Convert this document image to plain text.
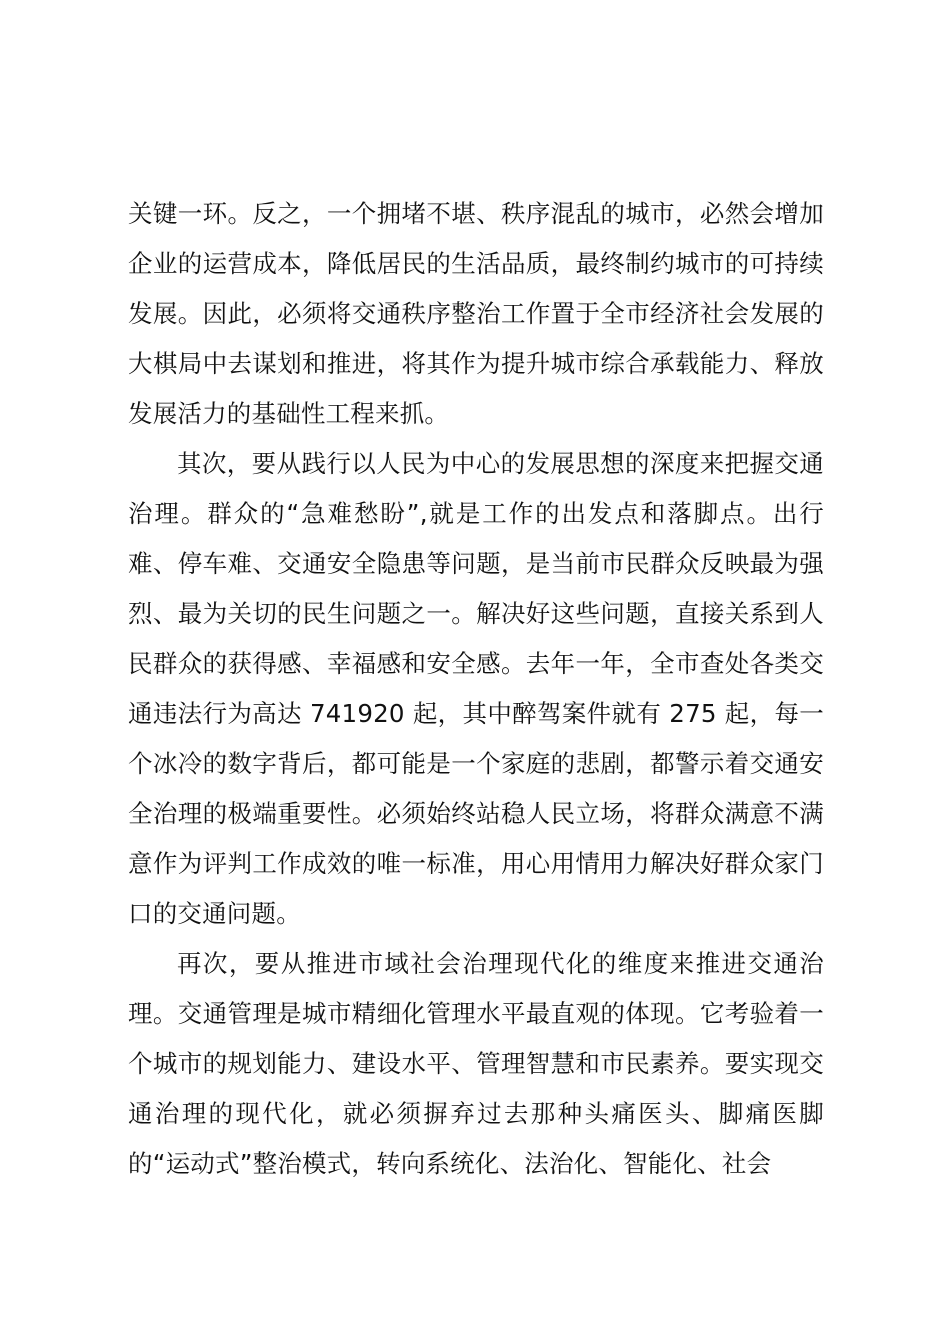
关键一环。反之，一个拥堵不堪、秩序混乱的城市，必然会增加企业的运营成本，降低居民的生活品质，最终制约城市的可持续发展。因此，必须将交通秩序整治工作置于全市经济社会发展的大棋局中去谋划和推进，将其作为提升城市综合承载能力、释放发展活力的基础性工程来抓。

其次，要从践行以人民为中心的发展思想的深度来把握交通治理。群众的“急难愁盼”,就是工作的出发点和落脚点。出行难、停车难、交通安全隐患等问题，是当前市民群众反映最为强烈、最为关切的民生问题之一。解决好这些问题，直接关系到人民群众的获得感、幸福感和安全感。去年一年，全市查处各类交通违法行为高达 741920 起，其中醉驾案件就有 275 起，每一个冰冷的数字背后，都可能是一个家庭的悲剧，都警示着交通安全治理的极端重要性。必须始终站稳人民立场，将群众满意不满意作为评判工作成效的唯一标准，用心用情用力解决好群众家门口的交通问题。

再次，要从推进市域社会治理现代化的维度来推进交通治理。交通管理是城市精细化管理水平最直观的体现。它考验着一个城市的规划能力、建设水平、管理智慧和市民素养。要实现交通治理的现代化，就必须摒弃过去那种头痛医头、脚痛医脚的“运动式”整治模式，转向系统化、法治化、智能化、社会
